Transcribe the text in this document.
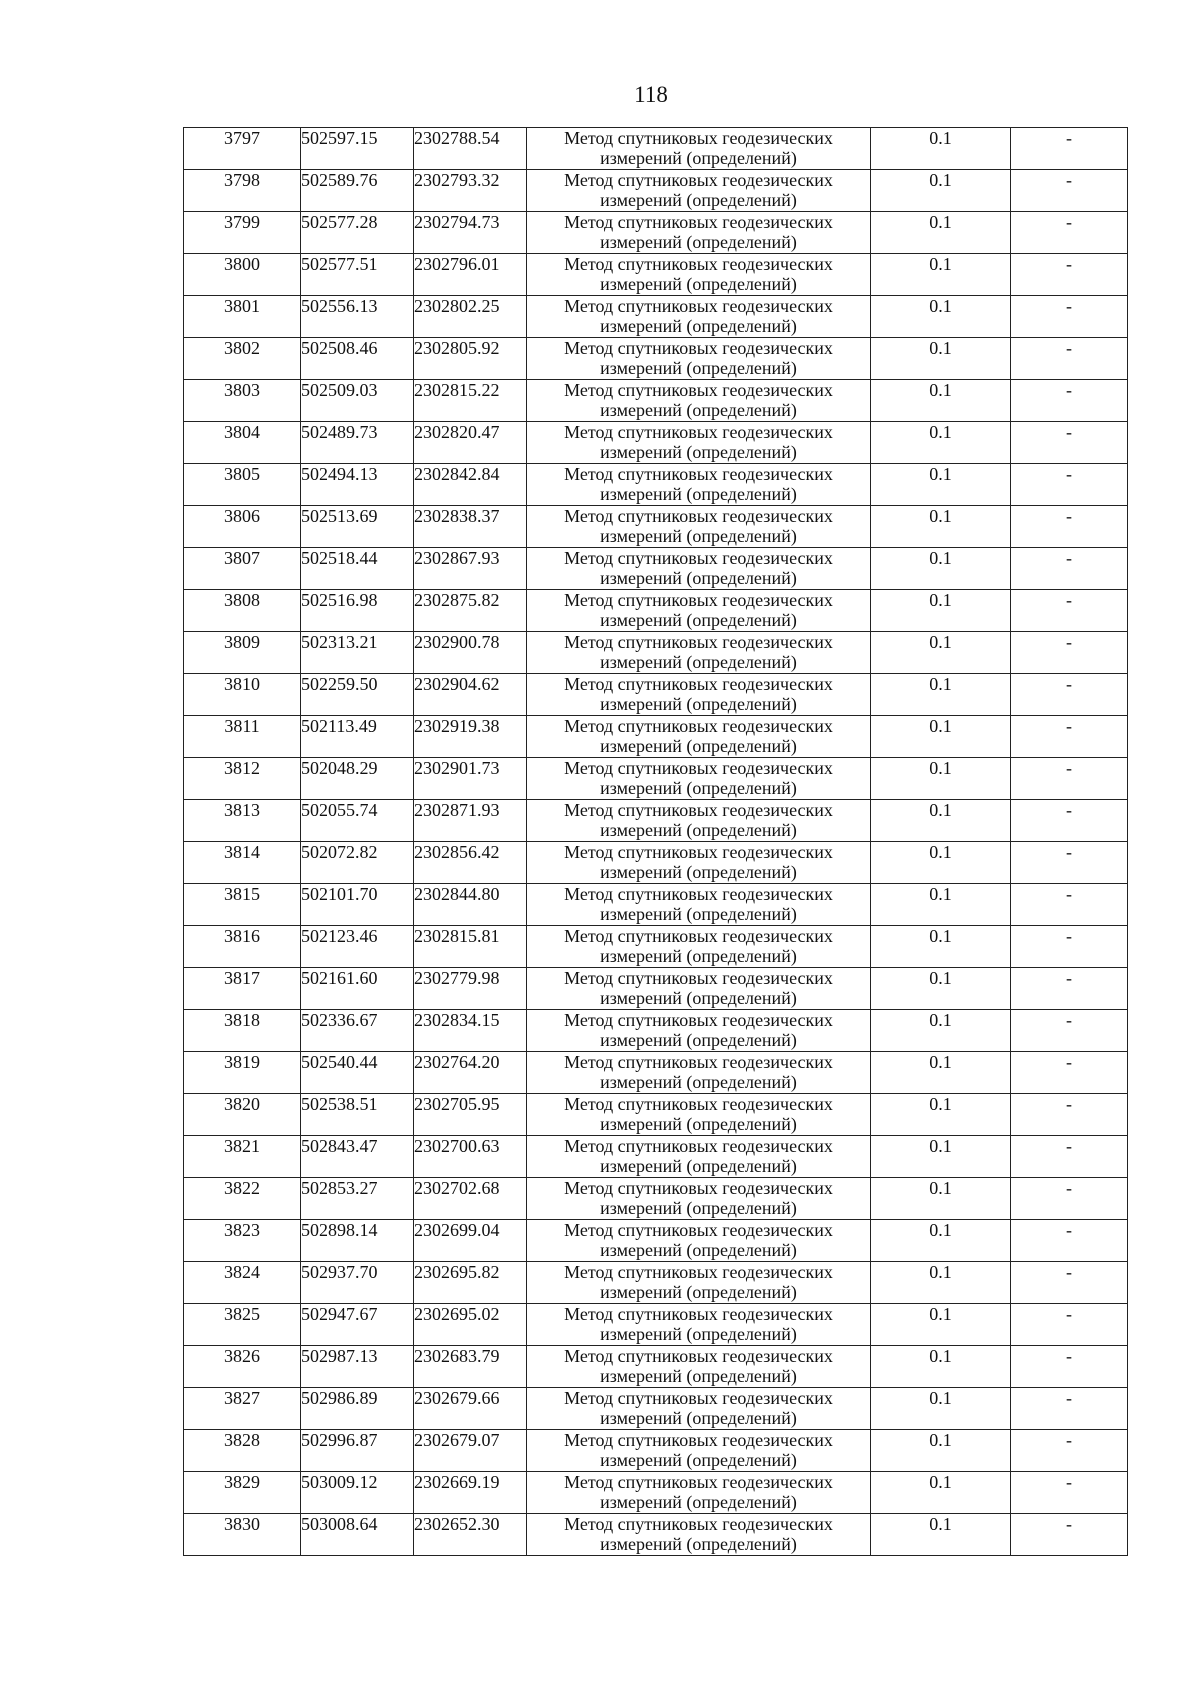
118
3797	502597.15	2302788.54	Метод спутниковых геодезических
измерений (определений)	0.1	-
3798	502589.76	2302793.32	Метод спутниковых геодезических
измерений (определений)	0.1	-
3799	502577.28	2302794.73	Метод спутниковых геодезических
измерений (определений)	0.1	-
3800	502577.51	2302796.01	Метод спутниковых геодезических
измерений (определений)	0.1	-
3801	502556.13	2302802.25	Метод спутниковых геодезических
измерений (определений)	0.1	-
3802	502508.46	2302805.92	Метод спутниковых геодезических
измерений (определений)	0.1	-
3803	502509.03	2302815.22	Метод спутниковых геодезических
измерений (определений)	0.1	-
3804	502489.73	2302820.47	Метод спутниковых геодезических
измерений (определений)	0.1	-
3805	502494.13	2302842.84	Метод спутниковых геодезических
измерений (определений)	0.1	-
3806	502513.69	2302838.37	Метод спутниковых геодезических
измерений (определений)	0.1	-
3807	502518.44	2302867.93	Метод спутниковых геодезических
измерений (определений)	0.1	-
3808	502516.98	2302875.82	Метод спутниковых геодезических
измерений (определений)	0.1	-
3809	502313.21	2302900.78	Метод спутниковых геодезических
измерений (определений)	0.1	-
3810	502259.50	2302904.62	Метод спутниковых геодезических
измерений (определений)	0.1	-
3811	502113.49	2302919.38	Метод спутниковых геодезических
измерений (определений)	0.1	-
3812	502048.29	2302901.73	Метод спутниковых геодезических
измерений (определений)	0.1	-
3813	502055.74	2302871.93	Метод спутниковых геодезических
измерений (определений)	0.1	-
3814	502072.82	2302856.42	Метод спутниковых геодезических
измерений (определений)	0.1	-
3815	502101.70	2302844.80	Метод спутниковых геодезических
измерений (определений)	0.1	-
3816	502123.46	2302815.81	Метод спутниковых геодезических
измерений (определений)	0.1	-
3817	502161.60	2302779.98	Метод спутниковых геодезических
измерений (определений)	0.1	-
3818	502336.67	2302834.15	Метод спутниковых геодезических
измерений (определений)	0.1	-
3819	502540.44	2302764.20	Метод спутниковых геодезических
измерений (определений)	0.1	-
3820	502538.51	2302705.95	Метод спутниковых геодезических
измерений (определений)	0.1	-
3821	502843.47	2302700.63	Метод спутниковых геодезических
измерений (определений)	0.1	-
3822	502853.27	2302702.68	Метод спутниковых геодезических
измерений (определений)	0.1	-
3823	502898.14	2302699.04	Метод спутниковых геодезических
измерений (определений)	0.1	-
3824	502937.70	2302695.82	Метод спутниковых геодезических
измерений (определений)	0.1	-
3825	502947.67	2302695.02	Метод спутниковых геодезических
измерений (определений)	0.1	-
3826	502987.13	2302683.79	Метод спутниковых геодезических
измерений (определений)	0.1	-
3827	502986.89	2302679.66	Метод спутниковых геодезических
измерений (определений)	0.1	-
3828	502996.87	2302679.07	Метод спутниковых геодезических
измерений (определений)	0.1	-
3829	503009.12	2302669.19	Метод спутниковых геодезических
измерений (определений)	0.1	-
3830	503008.64	2302652.30	Метод спутниковых геодезических
измерений (определений)	0.1	-
